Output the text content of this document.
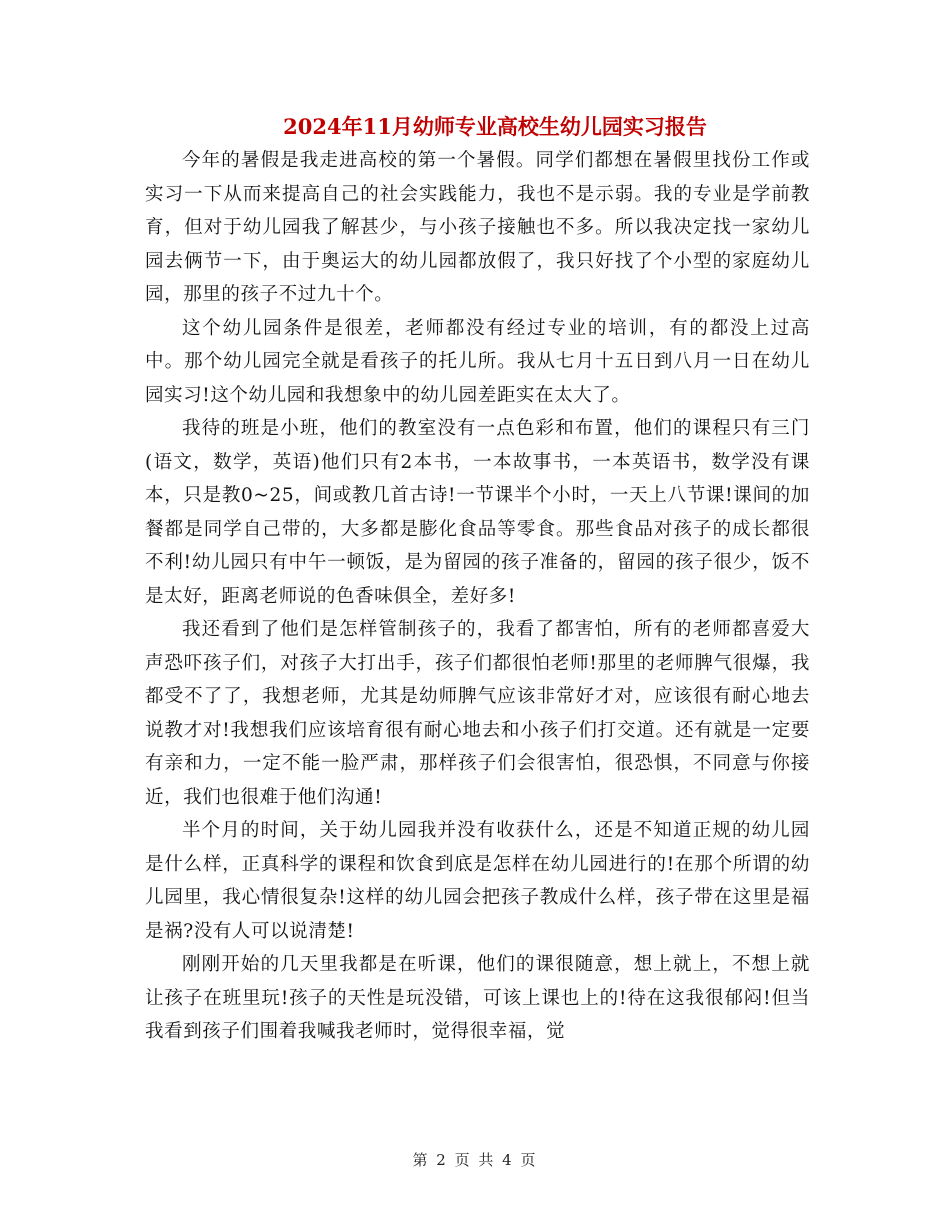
2024年11月幼师专业高校生幼儿园实习报告

今年的暑假是我走进高校的第一个暑假。同学们都想在暑假里找份工作或实习一下从而来提高自己的社会实践能力，我也不是示弱。我的专业是学前教育，但对于幼儿园我了解甚少，与小孩子接触也不多。所以我决定找一家幼儿园去俩节一下，由于奥运大的幼儿园都放假了，我只好找了个小型的家庭幼儿园，那里的孩子不过九十个。

这个幼儿园条件是很差，老师都没有经过专业的培训，有的都没上过高中。那个幼儿园完全就是看孩子的托儿所。我从七月十五日到八月一日在幼儿园实习!这个幼儿园和我想象中的幼儿园差距实在太大了。

我待的班是小班，他们的教室没有一点色彩和布置，他们的课程只有三门(语文，数学，英语)他们只有2本书，一本故事书，一本英语书，数学没有课本，只是教0~25，间或教几首古诗!一节课半个小时，一天上八节课!课间的加餐都是同学自己带的，大多都是膨化食品等零食。那些食品对孩子的成长都很不利!幼儿园只有中午一顿饭，是为留园的孩子准备的，留园的孩子很少，饭不是太好，距离老师说的色香味俱全，差好多!

我还看到了他们是怎样管制孩子的，我看了都害怕，所有的老师都喜爱大声恐吓孩子们，对孩子大打出手，孩子们都很怕老师!那里的老师脾气很爆，我都受不了了，我想老师，尤其是幼师脾气应该非常好才对，应该很有耐心地去说教才对!我想我们应该培育很有耐心地去和小孩子们打交道。还有就是一定要有亲和力，一定不能一脸严肃，那样孩子们会很害怕，很恐惧，不同意与你接近，我们也很难于他们沟通!

半个月的时间，关于幼儿园我并没有收获什么，还是不知道正规的幼儿园是什么样，正真科学的课程和饮食到底是怎样在幼儿园进行的!在那个所谓的幼儿园里，我心情很复杂!这样的幼儿园会把孩子教成什么样，孩子带在这里是福是祸?没有人可以说清楚!

刚刚开始的几天里我都是在听课，他们的课很随意，想上就上，不想上就让孩子在班里玩!孩子的天性是玩没错，可该上课也上的!待在这我很郁闷!但当我看到孩子们围着我喊我老师时，觉得很幸福，觉

第 2 页 共 4 页
